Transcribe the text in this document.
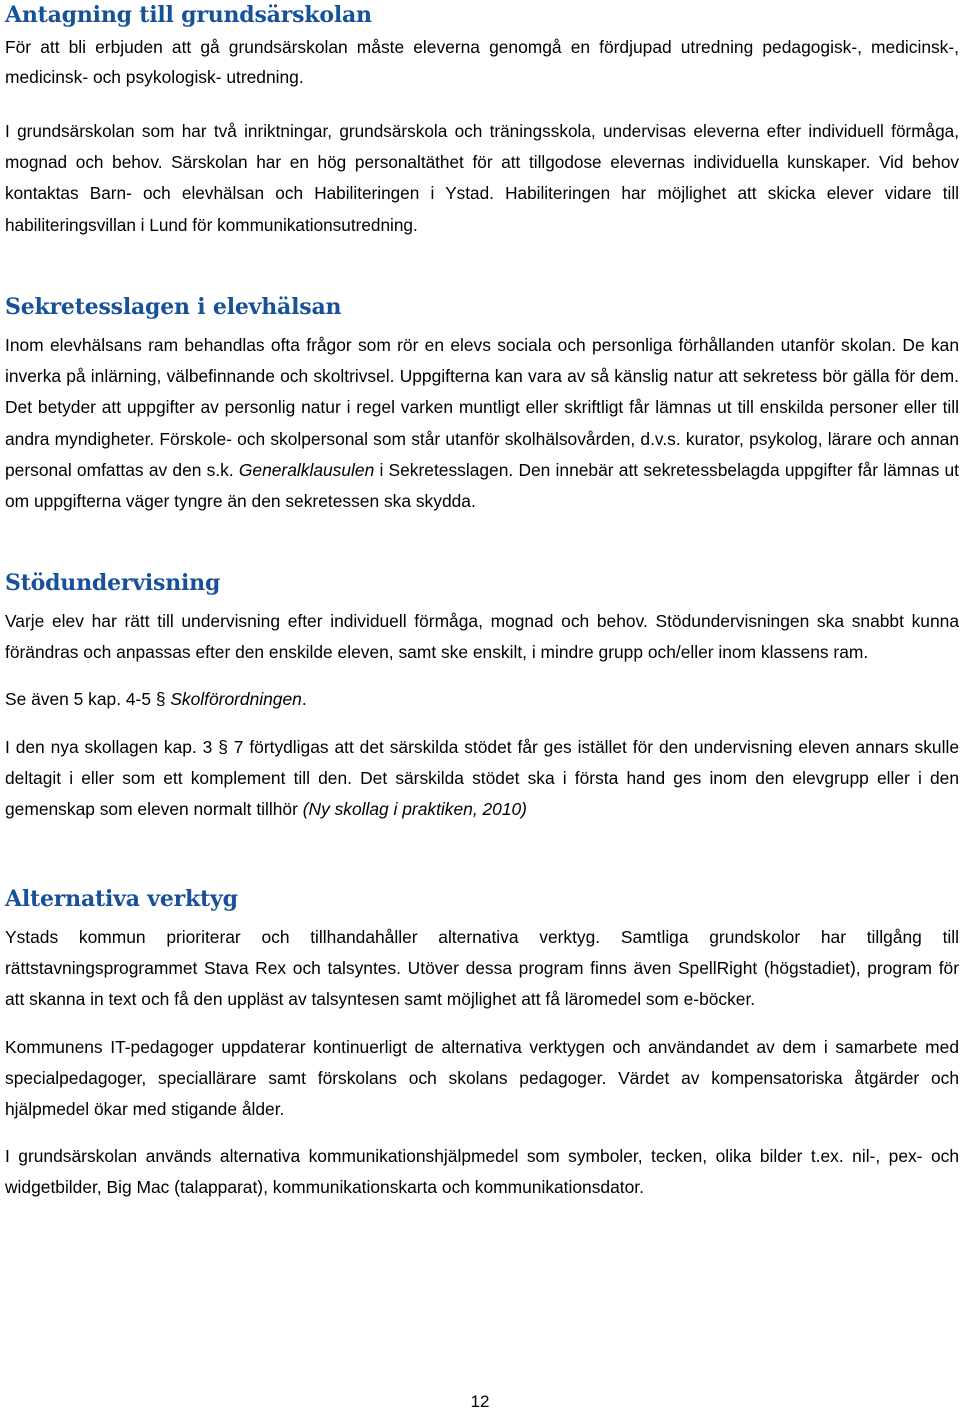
Antagning till grundsärskolan

För att bli erbjuden att gå grundsärskolan måste eleverna genomgå en fördjupad utredning pedagogisk-, medicinsk-, medicinsk- och psykologisk- utredning.

I grundsärskolan som har två inriktningar, grundsärskola och träningsskola, undervisas eleverna efter individuell förmåga, mognad och behov. Särskolan har en hög personaltäthet för att tillgodose elevernas individuella kunskaper. Vid behov kontaktas Barn- och elevhälsan och Habiliteringen i Ystad. Habiliteringen har möjlighet att skicka elever vidare till habiliteringsvillan i Lund för kommunikationsutredning.

Sekretesslagen i elevhälsan

Inom elevhälsans ram behandlas ofta frågor som rör en elevs sociala och personliga förhållanden utanför skolan. De kan inverka på inlärning, välbefinnande och skoltrivsel. Uppgifterna kan vara av så känslig natur att sekretess bör gälla för dem. Det betyder att uppgifter av personlig natur i regel varken muntligt eller skriftligt får lämnas ut till enskilda personer eller till andra myndigheter. Förskole- och skolpersonal som står utanför skolhälsovården, d.v.s. kurator, psykolog, lärare och annan personal omfattas av den s.k. Generalklausulen i Sekretesslagen. Den innebär att sekretessbelagda uppgifter får lämnas ut om uppgifterna väger tyngre än den sekretessen ska skydda.

Stödundervisning

Varje elev har rätt till undervisning efter individuell förmåga, mognad och behov. Stödundervisningen ska snabbt kunna förändras och anpassas efter den enskilde eleven, samt ske enskilt, i mindre grupp och/eller inom klassens ram.

Se även 5 kap. 4-5 § Skolförordningen.

I den nya skollagen kap. 3 § 7 förtydligas att det särskilda stödet får ges istället för den undervisning eleven annars skulle deltagit i eller som ett komplement till den. Det särskilda stödet ska i första hand ges inom den elevgrupp eller i den gemenskap som eleven normalt tillhör (Ny skollag i praktiken, 2010)

Alternativa verktyg

Ystads kommun prioriterar och tillhandahåller alternativa verktyg. Samtliga grundskolor har tillgång till rättstavningsprogrammet Stava Rex och talsyntes. Utöver dessa program finns även SpellRight (högstadiet), program för att skanna in text och få den uppläst av talsyntesen samt möjlighet att få läromedel som e-böcker.

Kommunens IT-pedagoger uppdaterar kontinuerligt de alternativa verktygen och användandet av dem i samarbete med specialpedagoger, speciallärare samt förskolans och skolans pedagoger. Värdet av kompensatoriska åtgärder och hjälpmedel ökar med stigande ålder.

I grundsärskolan används alternativa kommunikationshjälpmedel som symboler, tecken, olika bilder t.ex. nil-, pex- och widgetbilder, Big Mac (talapparat), kommunikationskarta och kommunikationsdator.

12
